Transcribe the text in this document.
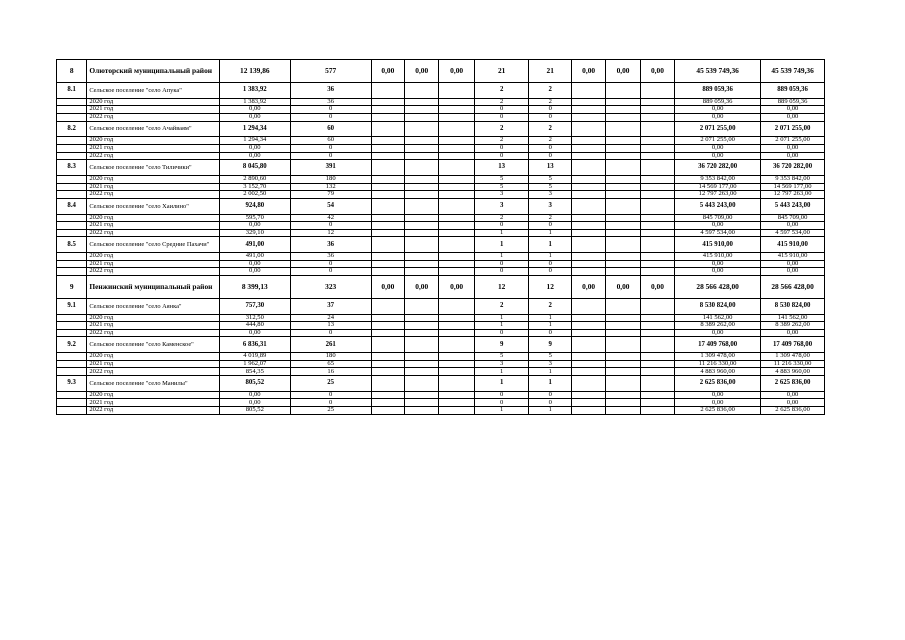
8	Олюторский муниципальный район	12 139,86	577	0,00	0,00	0,00	21	21	0,00	0,00	0,00	45 539 749,36	45 539 749,36
8.1	Сельское поселение "село Апука"	1 383,92	36				2	2				889 059,36	889 059,36
	2020 год	1 383,92	36				2	2				889 059,36	889 059,36
	2021 год	0,00	0				0	0				0,00	0,00
	2022 год	0,00	0				0	0				0,00	0,00
8.2	Сельское поселение "село Ачайваям"	1 294,34	60				2	2				2 071 255,00	2 071 255,00
	2020 год	1 294,34	60				2	2				2 071 255,00	2 071 255,00
	2021 год	0,00	0				0	0				0,00	0,00
	2022 год	0,00	0				0	0				0,00	0,00
8.3	Сельское поселение "село Тиличики"	8 045,80	391				13	13				36 720 282,00	36 720 282,00
	2020 год	2 890,60	180				5	5				9 353 842,00	9 353 842,00
	2021 год	3 152,70	132				5	5				14 569 177,00	14 569 177,00
	2022 год	2 002,50	79				3	3				12 797 263,00	12 797 263,00
8.4	Сельское поселение "село Хаилино"	924,80	54				3	3				5 443 243,00	5 443 243,00
	2020 год	595,70	42				2	2				845 709,00	845 709,00
	2021 год	0,00	0				0	0				0,00	0,00
	2022 год	329,10	12				1	1				4 597 534,00	4 597 534,00
8.5	Сельское поселение "село Средние Пахачи"	491,00	36				1	1				415 910,00	415 910,00
	2020 год	491,00	36				1	1				415 910,00	415 910,00
	2021 год	0,00	0				0	0				0,00	0,00
	2022 год	0,00	0				0	0				0,00	0,00
9	Пенжинский муниципальный район	8 399,13	323	0,00	0,00	0,00	12	12	0,00	0,00	0,00	28 566 428,00	28 566 428,00
9.1	Сельское поселение "село Аянка"	757,30	37				2	2				8 530 824,00	8 530 824,00
	2020 год	312,50	24				1	1				141 562,00	141 562,00
	2021 год	444,80	13				1	1				8 389 262,00	8 389 262,00
	2022 год	0,00	0				0	0				0,00	0,00
9.2	Сельское поселение "село Каменское"	6 836,31	261				9	9				17 409 768,00	17 409 768,00
	2020 год	4 019,89	180				5	5				1 309 478,00	1 309 478,00
	2021 год	1 962,07	65				3	3				11 216 330,00	11 216 330,00
	2022 год	854,35	16				1	1				4 883 960,00	4 883 960,00
9.3	Сельское поселение "село Манилы"	805,52	25				1	1				2 625 836,00	2 625 836,00
	2020 год	0,00	0				0	0				0,00	0,00
	2021 год	0,00	0				0	0				0,00	0,00
	2022 год	805,52	25				1	1				2 625 836,00	2 625 836,00
